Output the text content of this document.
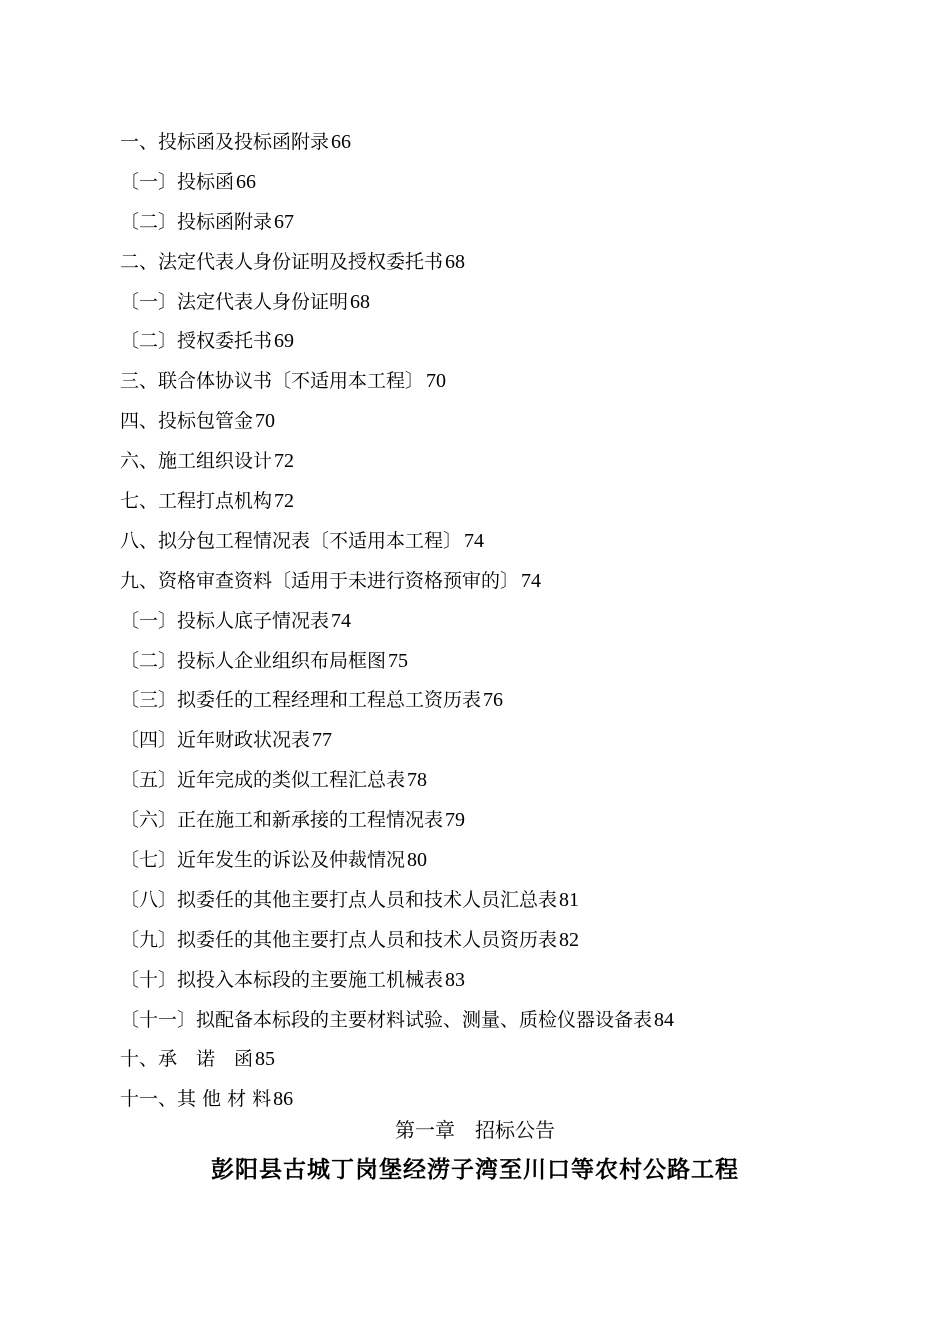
一、投标函及投标函附录 66
〔一〕投标函 66
〔二〕投标函附录 67
二、法定代表人身份证明及授权委托书 68
〔一〕法定代表人身份证明 68
〔二〕授权委托书 69
三、联合体协议书〔不适用本工程〕 70
四、投标包管金 70
六、施工组织设计 72
七、工程打点机构 72
八、拟分包工程情况表〔不适用本工程〕 74
九、资格审查资料〔适用于未进行资格预审的〕 74
〔一〕投标人底子情况表 74
〔二〕投标人企业组织布局框图 75
〔三〕拟委任的工程经理和工程总工资历表 76
〔四〕近年财政状况表 77
〔五〕近年完成的类似工程汇总表 78
〔六〕正在施工和新承接的工程情况表 79
〔七〕近年发生的诉讼及仲裁情况 80
〔八〕拟委任的其他主要打点人员和技术人员汇总表 81
〔九〕拟委任的其他主要打点人员和技术人员资历表 82
〔十〕拟投入本标段的主要施工机械表 83
〔十一〕拟配备本标段的主要材料试验、测量、质检仪器设备表 84
十、承　诺　函 85
十一、其 他 材 料 86
第一章　招标公告
彭阳县古城丁岗堡经涝子湾至川口等农村公路工程
